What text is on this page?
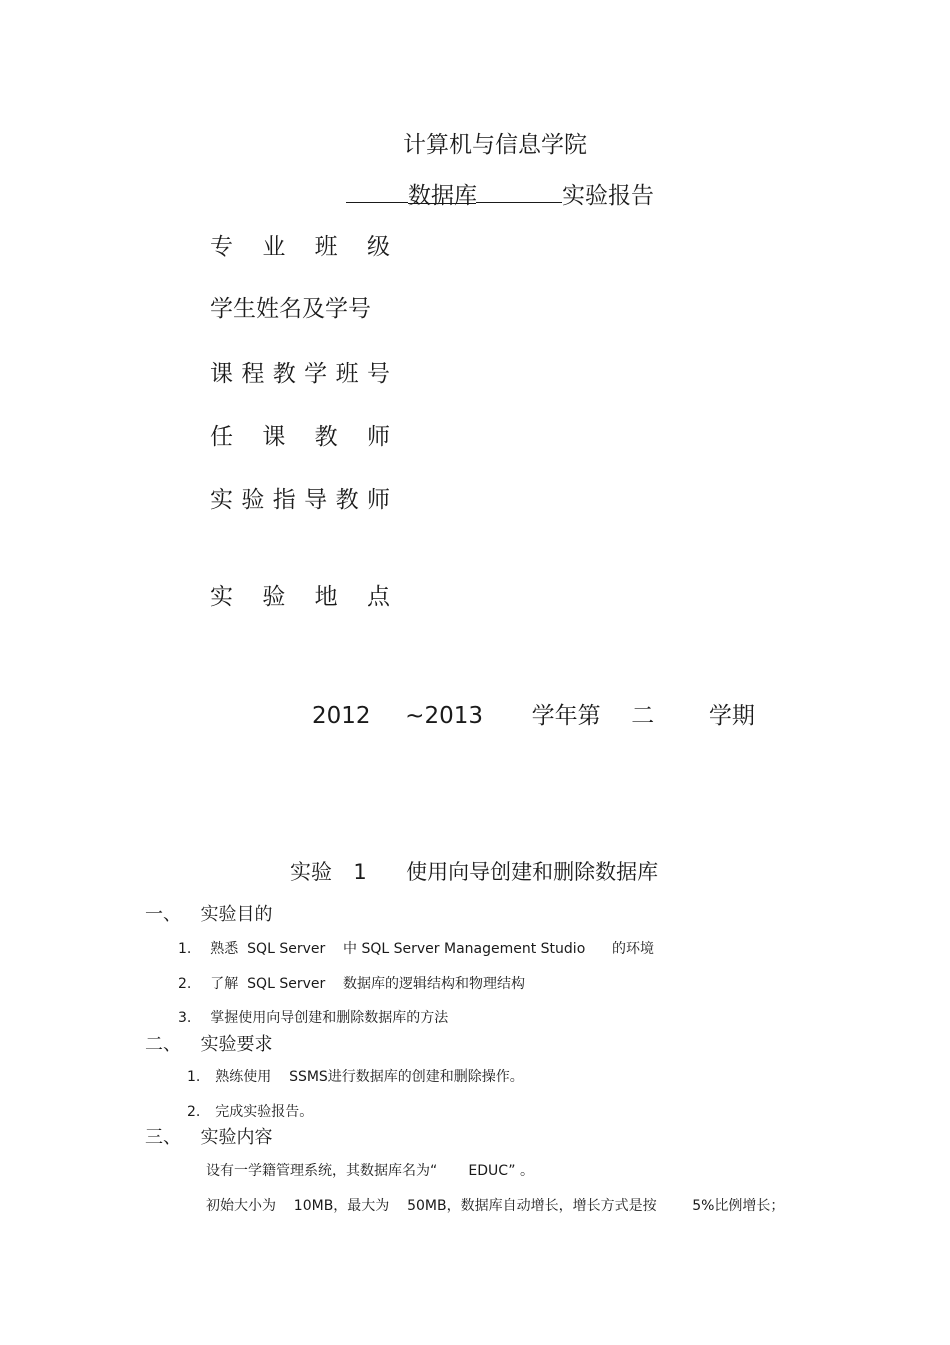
计算机与信息学院
数据库	实验报告
专 业 班 级
学生姓名及学号
课 程 教 学 班 号
任 课 教 师
实 验 指 导 教 师
实 验 地 点
2012 ~2013 学年第 二 学期
实验 1 使用向导创建和删除数据库
一、 实验目的
1. 熟悉  SQL Server    中 SQL Server Management Studio      的环境
2. 了解  SQL Server    数据库的逻辑结构和物理结构
3. 掌握使用向导创建和删除数据库的方法
二、 实验要求
1. 熟练使用    SSMS进行数据库的创建和删除操作。
2. 完成实验报告。
三、 实验内容
设有一学籍管理系统，其数据库名为“       EDUC” 。
初始大小为    10MB，最大为    50MB，数据库自动增长，增长方式是按        5%比例增长；
